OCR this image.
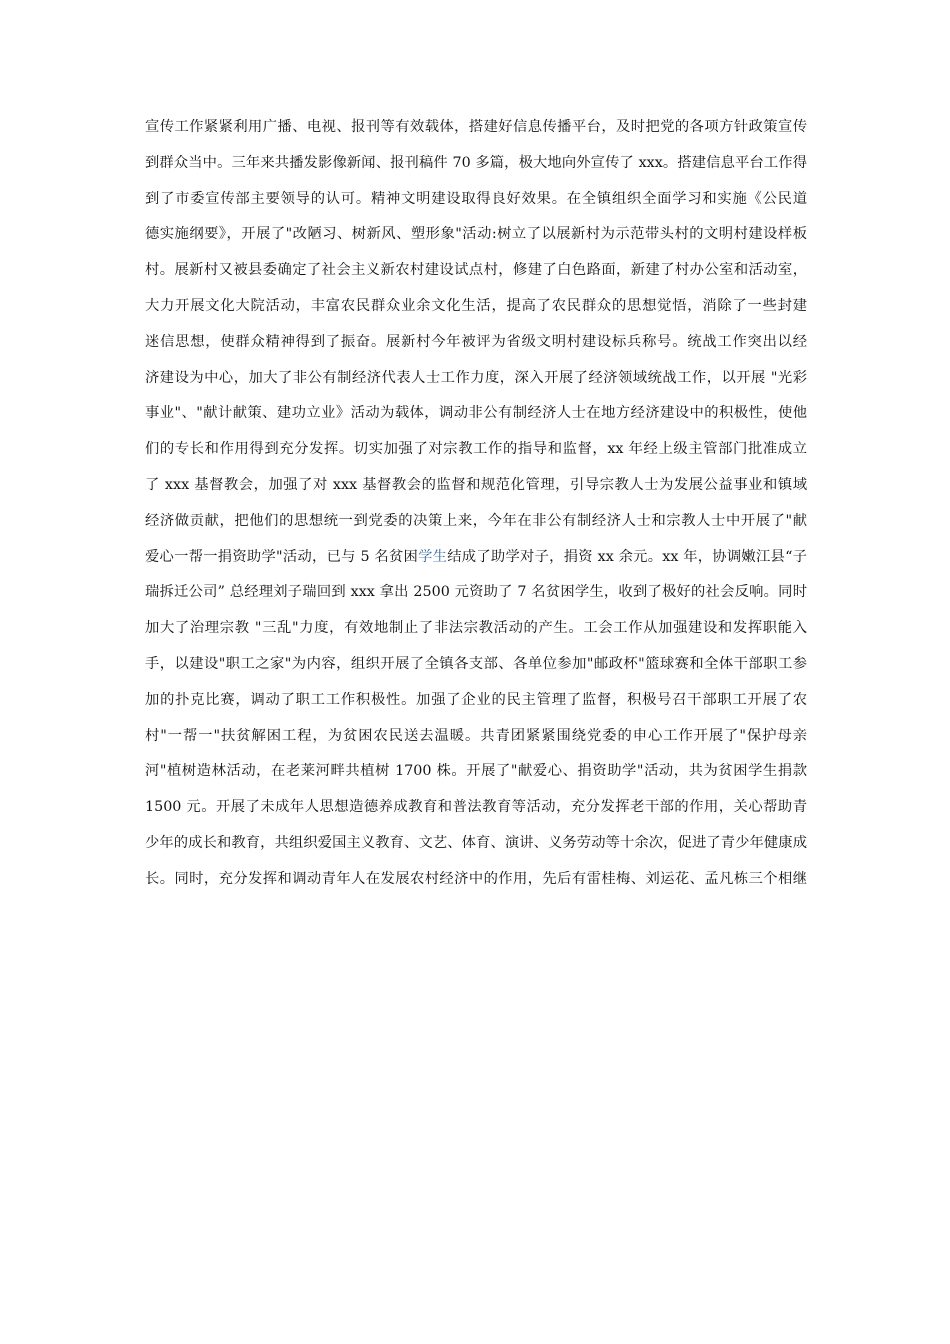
宣传工作紧紧利用广播、电视、报刊等有效载体，搭建好信息传播平台，及时把党的各项方针政策宣传
到群众当中。三年来共播发影像新闻、报刊稿件 70 多篇，极大地向外宣传了 xxx。搭建信息平台工作得
到了市委宣传部主要领导的认可。精神文明建设取得良好效果。在全镇组织全面学习和实施《公民道
德实施纲要》，开展了"改陋习、树新风、塑形象"活动:树立了以展新村为示范带头村的文明村建设样板
村。展新村又被县委确定了社会主义新农村建设试点村，修建了白色路面，新建了村办公室和活动室，
大力开展文化大院活动，丰富农民群众业余文化生活，提高了农民群众的思想觉悟，消除了一些封建
迷信思想，使群众精神得到了振奋。展新村今年被评为省级文明村建设标兵称号。统战工作突出以经
济建设为中心，加大了非公有制经济代表人士工作力度，深入开展了经济领域统战工作，以开展 "光彩
事业"、"献计献策、建功立业》活动为载体，调动非公有制经济人士在地方经济建设中的积极性，使他
们的专长和作用得到充分发挥。切实加强了对宗教工作的指导和监督，xx 年经上级主管部门批准成立
了 xxx 基督教会，加强了对 xxx 基督教会的监督和规范化管理，引导宗教人士为发展公益事业和镇域
经济做贡献，把他们的思想统一到党委的决策上来，今年在非公有制经济人士和宗教人士中开展了"献
爱心一帮一捐资助学"活动，已与 5 名贫困学生结成了助学对子，捐资 xx 余元。xx 年，协调嫩江县“子
瑞拆迁公司” 总经理刘子瑞回到 xxx 拿出 2500 元资助了 7 名贫困学生，收到了极好的社会反响。同时
加大了治理宗教 "三乱"力度，有效地制止了非法宗教活动的产生。工会工作从加强建设和发挥职能入
手，以建设"职工之家"为内容，组织开展了全镇各支部、各单位参加"邮政杯"篮球赛和全体干部职工参
加的扑克比赛，调动了职工工作积极性。加强了企业的民主管理了监督，积极号召干部职工开展了农
村"一帮一"扶贫解困工程，为贫困农民送去温暖。共青团紧紧围绕党委的申心工作开展了"保护母亲
河"植树造林活动，在老莱河畔共植树 1700 株。开展了"献爱心、捐资助学"活动，共为贫困学生捐款
1500 元。开展了未成年人思想造德养成教育和普法教育等活动，充分发挥老干部的作用，关心帮助青
少年的成长和教育，共组织爱国主义教育、文艺、体育、演讲、义务劳动等十余次，促进了青少年健康成
长。同时，充分发挥和调动青年人在发展农村经济中的作用，先后有雷桂梅、刘运花、孟凡栋三个相继
